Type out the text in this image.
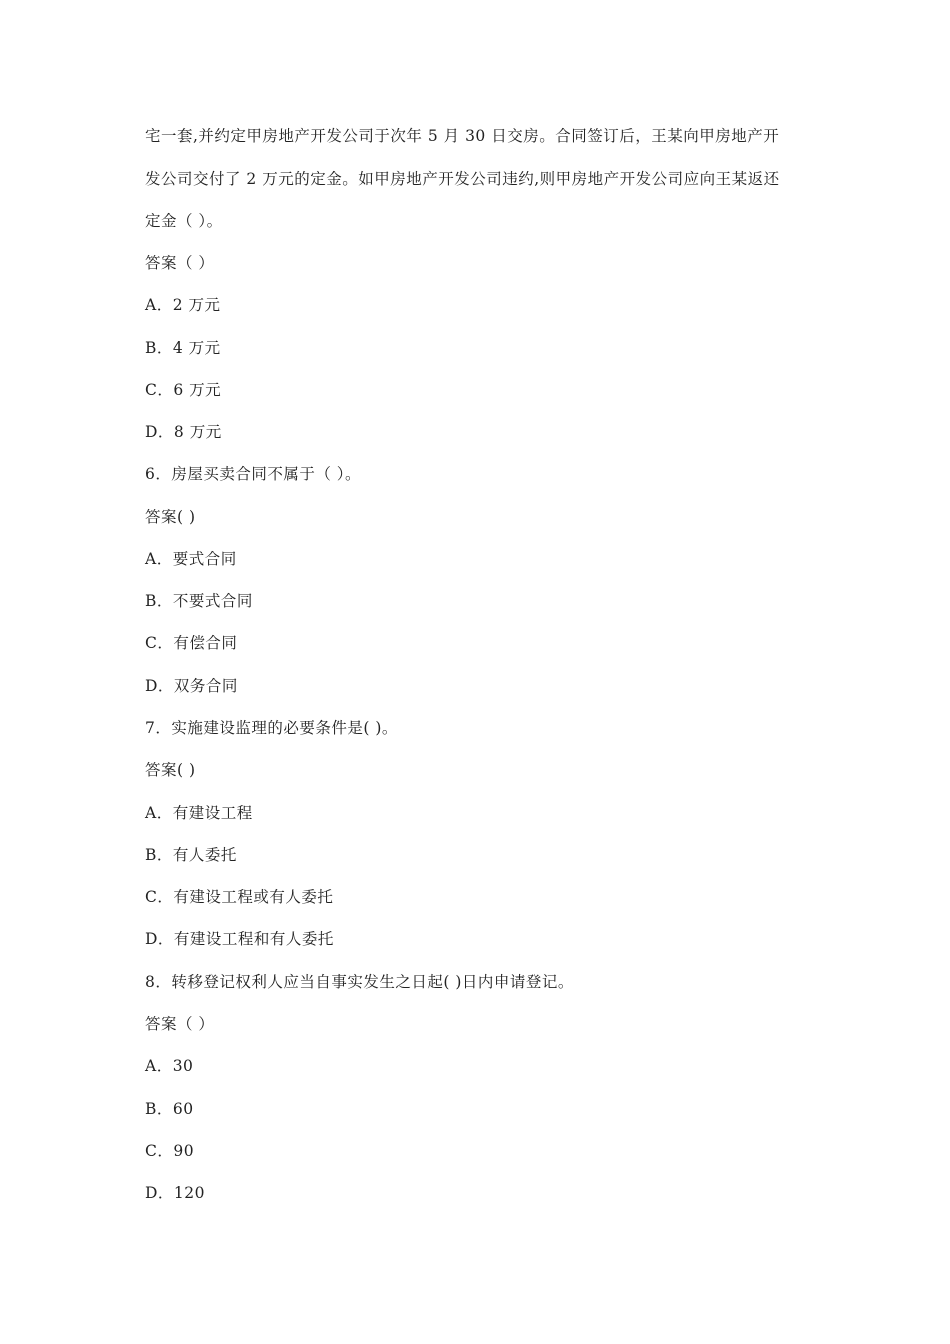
宅一套,并约定甲房地产开发公司于次年 5 月 30 日交房。合同签订后，王某向甲房地产开
发公司交付了 2 万元的定金。如甲房地产开发公司违约,则甲房地产开发公司应向王某返还
定金（ ）。
答案（ ）
A．2 万元
B．4 万元
C．6 万元
D．8 万元
6．房屋买卖合同不属于（ ）。
答案( )
A．要式合同
B．不要式合同
C．有偿合同
D．双务合同
7．实施建设监理的必要条件是( )。
答案( )
A．有建设工程
B．有人委托
C．有建设工程或有人委托
D．有建设工程和有人委托
8．转移登记权利人应当自事实发生之日起( )日内申请登记。
答案（ ）
A．30
B．60
C．90
D．120
